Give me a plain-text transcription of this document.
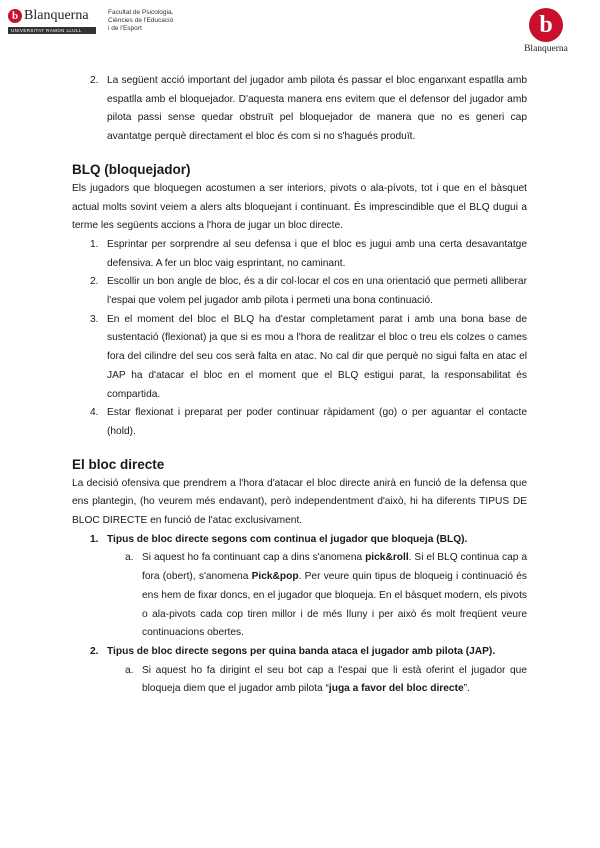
b Blanquerna
UNIVERSITAT RAMON LLULL
Facultat de Psicologia,
Ciències de l'Educació
i de l'Esport	b
Blanquerna
2. La següent acció important del jugador amb pilota és passar el bloc enganxant espatlla amb espatlla amb el bloquejador. D'aquesta manera ens evitem que el defensor del jugador amb pilota passi sense quedar obstruït pel bloquejador de manera que no es generi cap avantatge perquè directament el bloc és com si no s'hagués produït.
BLQ (bloquejador)

Els jugadors que bloquegen acostumen a ser interiors, pivots o ala-pívots, tot i que en el bàsquet actual molts sovint veiem a alers alts bloquejant i continuant. És imprescindible que el BLQ dugui a terme les següents accions a l'hora de jugar un bloc directe.

1. Esprintar per sorprendre al seu defensa i que el bloc es jugui amb una certa desavantatge defensiva. A fer un bloc vaig esprintant, no caminant.
2. Escollir un bon angle de bloc, és a dir col·locar el cos en una orientació que permeti alliberar l'espai que volem pel jugador amb pilota i permeti una bona continuació.
3. En el moment del bloc el BLQ ha d'estar completament parat i amb una bona base de sustentació (flexionat) ja que si es mou a l'hora de realitzar el bloc o treu els colzes o cames fora del cilindre del seu cos serà falta en atac. No cal dir que perquè no sigui falta en atac el JAP ha d'atacar el bloc en el moment que el BLQ estigui parat, la responsabilitat és compartida.
4. Estar flexionat i preparat per poder continuar ràpidament (go) o per aguantar el contacte (hold).
El bloc directe

La decisió ofensiva que prendrem a l'hora d'atacar el bloc directe anirà en funció de la defensa que ens plantegin, (ho veurem més endavant), però independentment d'això, hi ha diferents TIPUS DE BLOC DIRECTE en funció de l'atac exclusivament.

1. Tipus de bloc directe segons com continua el jugador que bloqueja (BLQ).
a. Si aquest ho fa continuant cap a dins s'anomena pick&roll. Si el BLQ continua cap a fora (obert), s'anomena Pick&pop. Per veure quin tipus de bloqueig i continuació és ens hem de fixar doncs, en el jugador que bloqueja. En el bàsquet modern, els pivots o ala-pivots cada cop tiren millor i de més lluny i per això és molt freqüent veure continuacions obertes.
2. Tipus de bloc directe segons per quina banda ataca el jugador amb pilota (JAP).
a. Si aquest ho fa dirigint el seu bot cap a l'espai que li està oferint el jugador que bloqueja diem que el jugador amb pilota “juga a favor del bloc directe”.
